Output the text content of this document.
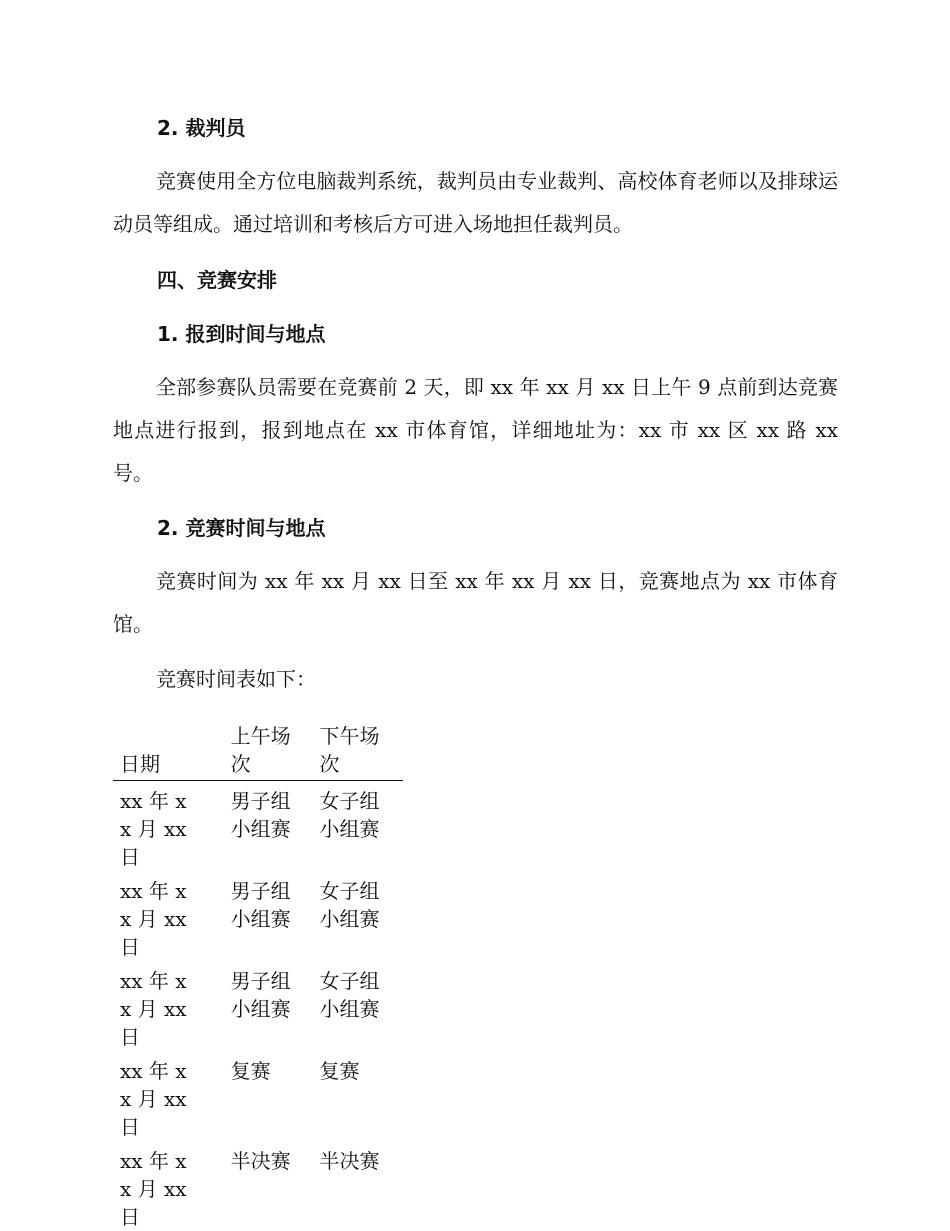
2. 裁判员

竞赛使用全方位电脑裁判系统，裁判员由专业裁判、高校体育老师以及排球运动员等组成。通过培训和考核后方可进入场地担任裁判员。

四、竞赛安排
1. 报到时间与地点

全部参赛队员需要在竞赛前 2 天，即 xx 年 xx 月 xx 日上午 9 点前到达竞赛地点进行报到，报到地点在 xx 市体育馆，详细地址为：xx 市 xx 区 xx 路 xx 号。

2. 竞赛时间与地点

竞赛时间为 xx 年 xx 月 xx 日至 xx 年 xx 月 xx 日，竞赛地点为 xx 市体育馆。

竞赛时间表如下：

日期	上午场次	下午场次

xx 年 xx 月 xx 日	男子组小组赛	女子组小组赛

xx 年 xx 月 xx 日	男子组小组赛	女子组小组赛

xx 年 xx 月 xx 日	男子组小组赛	女子组小组赛

xx 年 xx 月 xx 日	复赛	复赛

xx 年 xx 月 xx 日	半决赛	半决赛
